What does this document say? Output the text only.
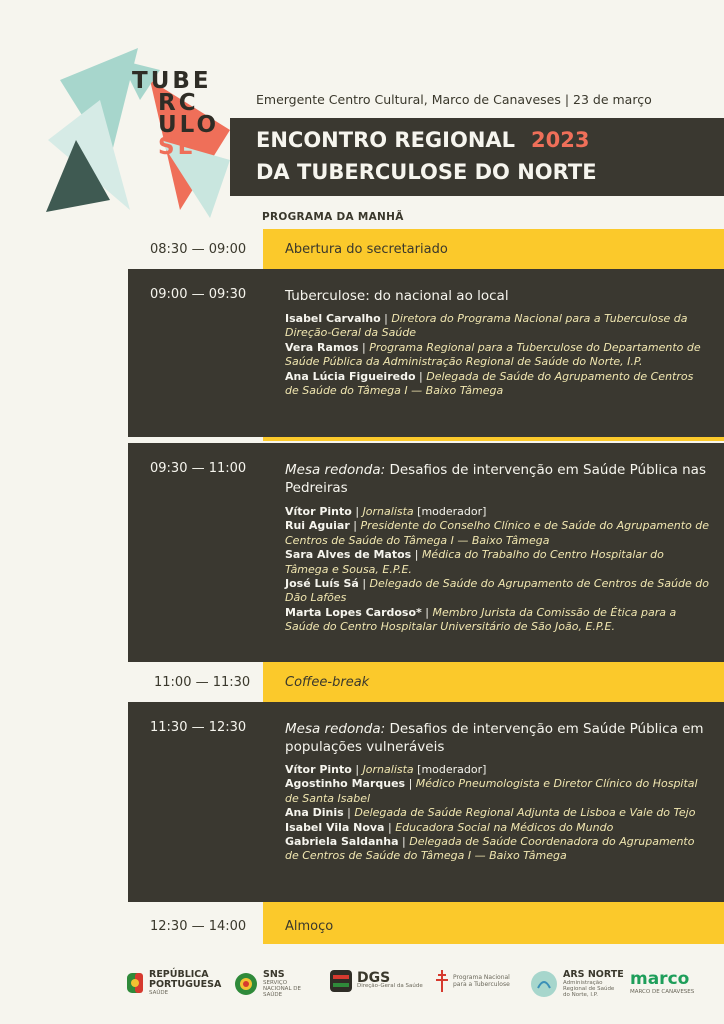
TUBE
RC
ULO
SE
Emergente Centro Cultural, Marco de Canaveses | 23 de março
ENCONTRO REGIONAL 2023
DA TUBERCULOSE DO NORTE
PROGRAMA DA MANHÃ
08:30 — 09:00	Abertura do secretariado
09:00 — 09:30	Tuberculose: do nacional ao local
Isabel Carvalho | Diretora do Programa Nacional para a Tuberculose da Direção-Geral da Saúde
Vera Ramos | Programa Regional para a Tuberculose do Departamento de Saúde Pública da Administração Regional de Saúde do Norte, I.P.
Ana Lúcia Figueiredo | Delegada de Saúde do Agrupamento de Centros de Saúde do Tâmega I — Baixo Tâmega
09:30 — 11:00	Mesa redonda: Desafios de intervenção em Saúde Pública nas Pedreiras
Vítor Pinto | Jornalista [moderador]
Rui Aguiar | Presidente do Conselho Clínico e de Saúde do Agrupamento de Centros de Saúde do Tâmega I — Baixo Tâmega
Sara Alves de Matos | Médica do Trabalho do Centro Hospitalar do Tâmega e Sousa, E.P.E.
José Luís Sá | Delegado de Saúde do Agrupamento de Centros de Saúde do Dão Lafões
Marta Lopes Cardoso* | Membro Jurista da Comissão de Ética para a Saúde do Centro Hospitalar Universitário de São João, E.P.E.
11:00 — 11:30	Coffee-break
11:30 — 12:30	Mesa redonda: Desafios de intervenção em Saúde Pública em populações vulneráveis
Vítor Pinto | Jornalista [moderador]
Agostinho Marques | Médico Pneumologista e Diretor Clínico do Hospital de Santa Isabel
Ana Dinis | Delegada de Saúde Regional Adjunta de Lisboa e Vale do Tejo
Isabel Vila Nova | Educadora Social na Médicos do Mundo
Gabriela Saldanha | Delegada de Saúde Coordenadora do Agrupamento de Centros de Saúde do Tâmega I — Baixo Tâmega
12:30 — 14:00	Almoço
REPÚBLICA
PORTUGUESA
SAÚDE
SNS
SERVIÇO NACIONAL DE SAÚDE
DGS
Direção-Geral da Saúde
Programa Nacional para a Tuberculose
ARS NORTE
Administração Regional de Saúde do Norte, I.P.
marco
MARCO DE CANAVESES
